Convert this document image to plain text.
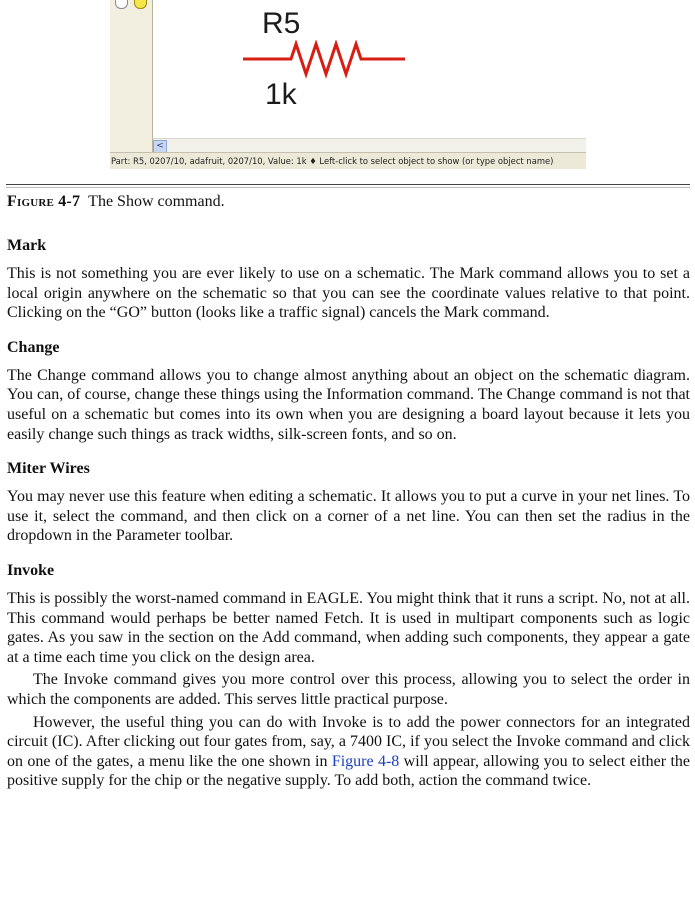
R5
1k
<
Part: R5, 0207/10, adafruit, 0207/10, Value: 1k ♦ Left-click to select object to show (or type object name)
Figure 4-7 The Show command.
Mark

This is not something you are ever likely to use on a schematic. The Mark command allows you to set a local origin anywhere on the schematic so that you can see the coordinate values relative to that point. Clicking on the “GO” button (looks like a traffic signal) cancels the Mark command.

Change

The Change command allows you to change almost anything about an object on the schematic diagram. You can, of course, change these things using the Information command. The Change command is not that useful on a schematic but comes into its own when you are designing a board layout because it lets you easily change such things as track widths, silk-screen fonts, and so on.

Miter Wires

You may never use this feature when editing a schematic. It allows you to put a curve in your net lines. To use it, select the command, and then click on a corner of a net line. You can then set the radius in the dropdown in the Parameter toolbar.

Invoke

This is possibly the worst-named command in EAGLE. You might think that it runs a script. No, not at all. This command would perhaps be better named Fetch. It is used in multipart components such as logic gates. As you saw in the section on the Add command, when adding such components, they appear a gate at a time each time you click on the design area.

The Invoke command gives you more control over this process, allowing you to select the order in which the components are added. This serves little practical purpose.

However, the useful thing you can do with Invoke is to add the power connectors for an integrated circuit (IC). After clicking out four gates from, say, a 7400 IC, if you select the Invoke command and click on one of the gates, a menu like the one shown in Figure 4-8 will appear, allowing you to select either the positive supply for the chip or the negative supply. To add both, action the command twice.
